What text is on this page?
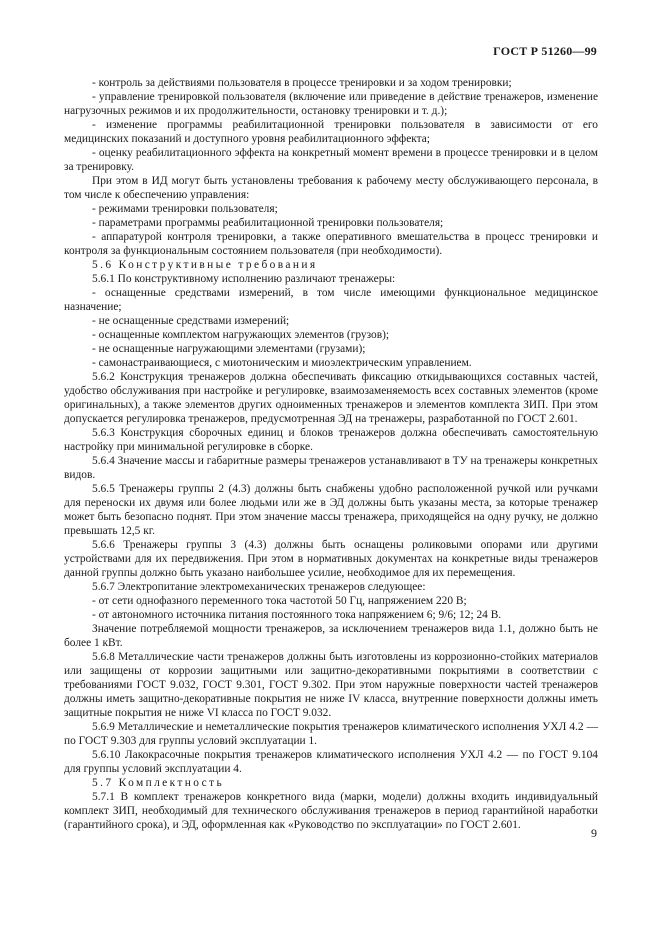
ГОСТ Р 51260—99

- контроль за действиями пользователя в процессе тренировки и за ходом тренировки;

- управление тренировкой пользователя (включение или приведение в действие тренажеров, изменение нагрузочных режимов и их продолжительности, остановку тренировки и т. д.);

- изменение программы реабилитационной тренировки пользователя в зависимости от его медицинских показаний и доступного уровня реабилитационного эффекта;

- оценку реабилитационного эффекта на конкретный момент времени в процессе тренировки и в целом за тренировку.

При этом в ИД могут быть установлены требования к рабочему месту обслуживающего персонала, в том числе к обеспечению управления:

- режимами тренировки пользователя;

- параметрами программы реабилитационной тренировки пользователя;

- аппаратурой контроля тренировки, а также оперативного вмешательства в процесс тренировки и контроля за функциональным состоянием пользователя (при необходимости).

5.6 Конструктивные требования

5.6.1 По конструктивному исполнению различают тренажеры:

- оснащенные средствами измерений, в том числе имеющими функциональное медицинское назначение;

- не оснащенные средствами измерений;

- оснащенные комплектом нагружающих элементов (грузов);

- не оснащенные нагружающими элементами (грузами);

- самонастраивающиеся, с миотоническим и миоэлектрическим управлением.

5.6.2 Конструкция тренажеров должна обеспечивать фиксацию откидывающихся составных частей, удобство обслуживания при настройке и регулировке, взаимозаменяемость всех составных элементов (кроме оригинальных), а также элементов других одноименных тренажеров и элементов комплекта ЗИП. При этом допускается регулировка тренажеров, предусмотренная ЭД на тренажеры, разработанной по ГОСТ 2.601.

5.6.3 Конструкция сборочных единиц и блоков тренажеров должна обеспечивать самостоятельную настройку при минимальной регулировке в сборке.

5.6.4 Значение массы и габаритные размеры тренажеров устанавливают в ТУ на тренажеры конкретных видов.

5.6.5 Тренажеры группы 2 (4.3) должны быть снабжены удобно расположенной ручкой или ручками для переноски их двумя или более людьми или же в ЭД должны быть указаны места, за которые тренажер может быть безопасно поднят. При этом значение массы тренажера, приходящейся на одну ручку, не должно превышать 12,5 кг.

5.6.6 Тренажеры группы 3 (4.3) должны быть оснащены роликовыми опорами или другими устройствами для их передвижения. При этом в нормативных документах на конкретные виды тренажеров данной группы должно быть указано наибольшее усилие, необходимое для их перемещения.

5.6.7 Электропитание электромеханических тренажеров следующее:

- от сети однофазного переменного тока частотой 50 Гц, напряжением 220 В;

- от автономного источника питания постоянного тока напряжением 6; 9/6; 12; 24 В.

Значение потребляемой мощности тренажеров, за исключением тренажеров вида 1.1, должно быть не более 1 кВт.

5.6.8 Металлические части тренажеров должны быть изготовлены из коррозионно-стойких материалов или защищены от коррозии защитными или защитно-декоративными покрытиями в соответствии с требованиями ГОСТ 9.032, ГОСТ 9.301, ГОСТ 9.302. При этом наружные поверхности частей тренажеров должны иметь защитно-декоративные покрытия не ниже IV класса, внутренние поверхности должны иметь защитные покрытия не ниже VI класса по ГОСТ 9.032.

5.6.9 Металлические и неметаллические покрытия тренажеров климатического исполнения УХЛ 4.2 — по ГОСТ 9.303 для группы условий эксплуатации 1.

5.6.10 Лакокрасочные покрытия тренажеров климатического исполнения УХЛ 4.2 — по ГОСТ 9.104 для группы условий эксплуатации 4.

5.7 Комплектность

5.7.1 В комплект тренажеров конкретного вида (марки, модели) должны входить индивидуальный комплект ЗИП, необходимый для технического обслуживания тренажеров в период гарантийной наработки (гарантийного срока), и ЭД, оформленная как «Руководство по эксплуатации» по ГОСТ 2.601.

9
